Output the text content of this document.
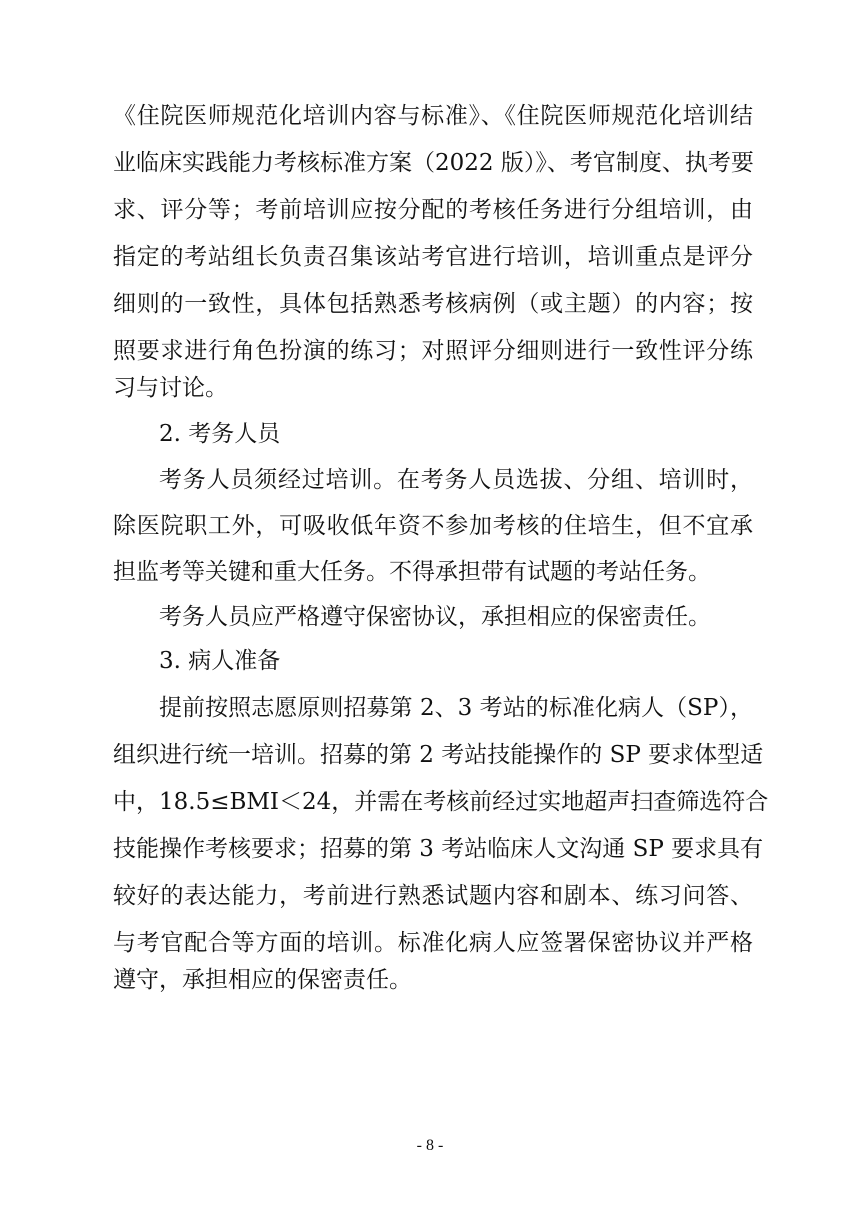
《住院医师规范化培训内容与标准》、《住院医师规范化培训结
业临床实践能力考核标准方案（2022 版）》、考官制度、执考要
求、评分等；考前培训应按分配的考核任务进行分组培训，由
指定的考站组长负责召集该站考官进行培训，培训重点是评分
细则的一致性，具体包括熟悉考核病例（或主题）的内容；按
照要求进行角色扮演的练习；对照评分细则进行一致性评分练
习与讨论。
2. 考务人员
考务人员须经过培训。在考务人员选拔、分组、培训时，
除医院职工外，可吸收低年资不参加考核的住培生，但不宜承
担监考等关键和重大任务。不得承担带有试题的考站任务。
考务人员应严格遵守保密协议，承担相应的保密责任。
3. 病人准备
提前按照志愿原则招募第 2、3 考站的标准化病人（SP），
组织进行统一培训。招募的第 2 考站技能操作的 SP 要求体型适
中，18.5≤BMI＜24，并需在考核前经过实地超声扫查筛选符合
技能操作考核要求；招募的第 3 考站临床人文沟通 SP 要求具有
较好的表达能力，考前进行熟悉试题内容和剧本、练习问答、
与考官配合等方面的培训。标准化病人应签署保密协议并严格
遵守，承担相应的保密责任。
- 8 -
